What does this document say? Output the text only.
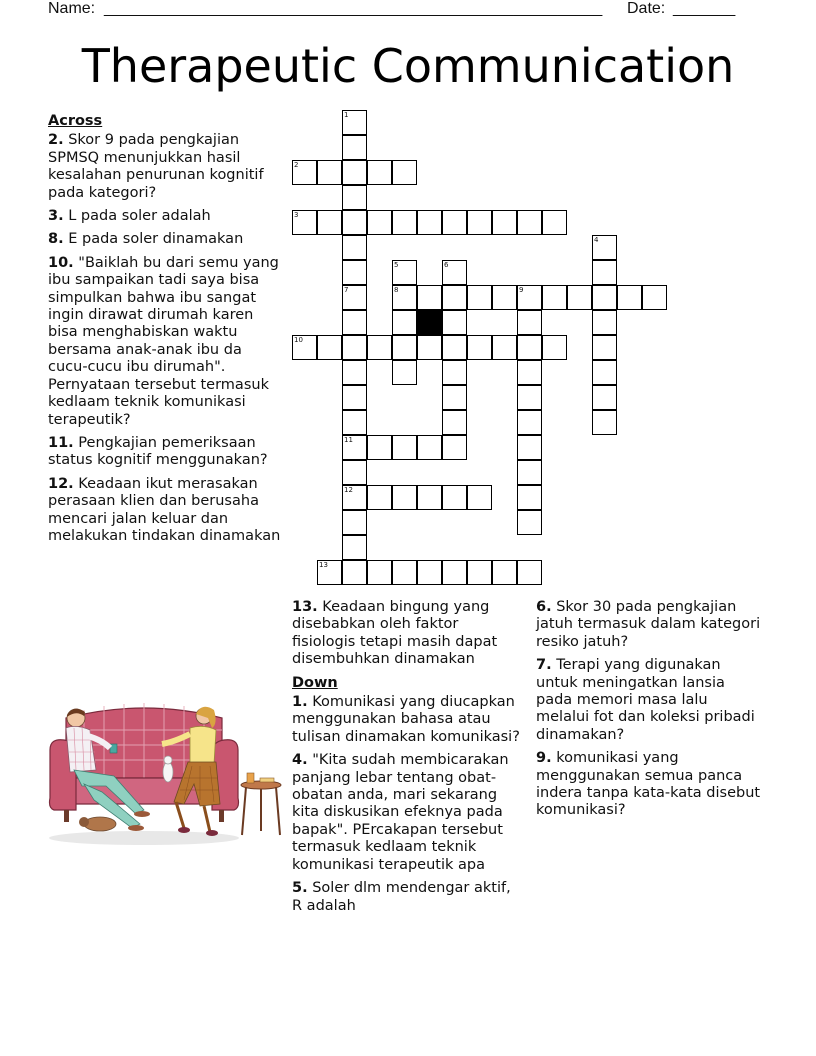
Name: ________________________________________________________ Date: _______
Therapeutic Communication
Across
2. Skor 9 pada pengkajian SPMSQ menunjukkan hasil kesalahan penurunan kognitif pada kategori?
3. L pada soler adalah
8. E pada soler dinamakan
10. "Baiklah bu dari semu yang ibu sampaikan tadi saya bisa simpulkan bahwa ibu sangat ingin dirawat dirumah karen bisa menghabiskan waktu bersama anak-anak ibu da cucu-cucu ibu dirumah". Pernyataan tersebut termasuk kedlaam teknik komunikasi terapeutik?
11. Pengkajian pemeriksaan status kognitif menggunakan?
12. Keadaan ikut merasakan perasaan klien dan berusaha mencari jalan keluar dan melakukan tindakan dinamakan
13. Keadaan bingung yang disebabkan oleh faktor fisiologis tetapi masih dapat disembuhkan dinamakan
Down
1. Komunikasi yang diucapkan menggunakan bahasa atau tulisan dinamakan komunikasi?
4. "Kita sudah membicarakan panjang lebar tentang obat-obatan anda, mari sekarang kita diskusikan efeknya pada bapak". PErcakapan tersebut termasuk kedlaam teknik komunikasi terapeutik apa
5. Soler dlm mendengar aktif, R adalah
6. Skor 30 pada pengkajian jatuh termasuk dalam kategori resiko jatuh?
7. Terapi yang digunakan untuk meningatkan lansia pada memori masa lalu melalui fot dan koleksi pribadi dinamakan?
9. komunikasi yang menggunakan semua panca indera tanpa kata-kata disebut komunikasi?
1
7
11
12
2
3
4
5
8
6
9
10
13
